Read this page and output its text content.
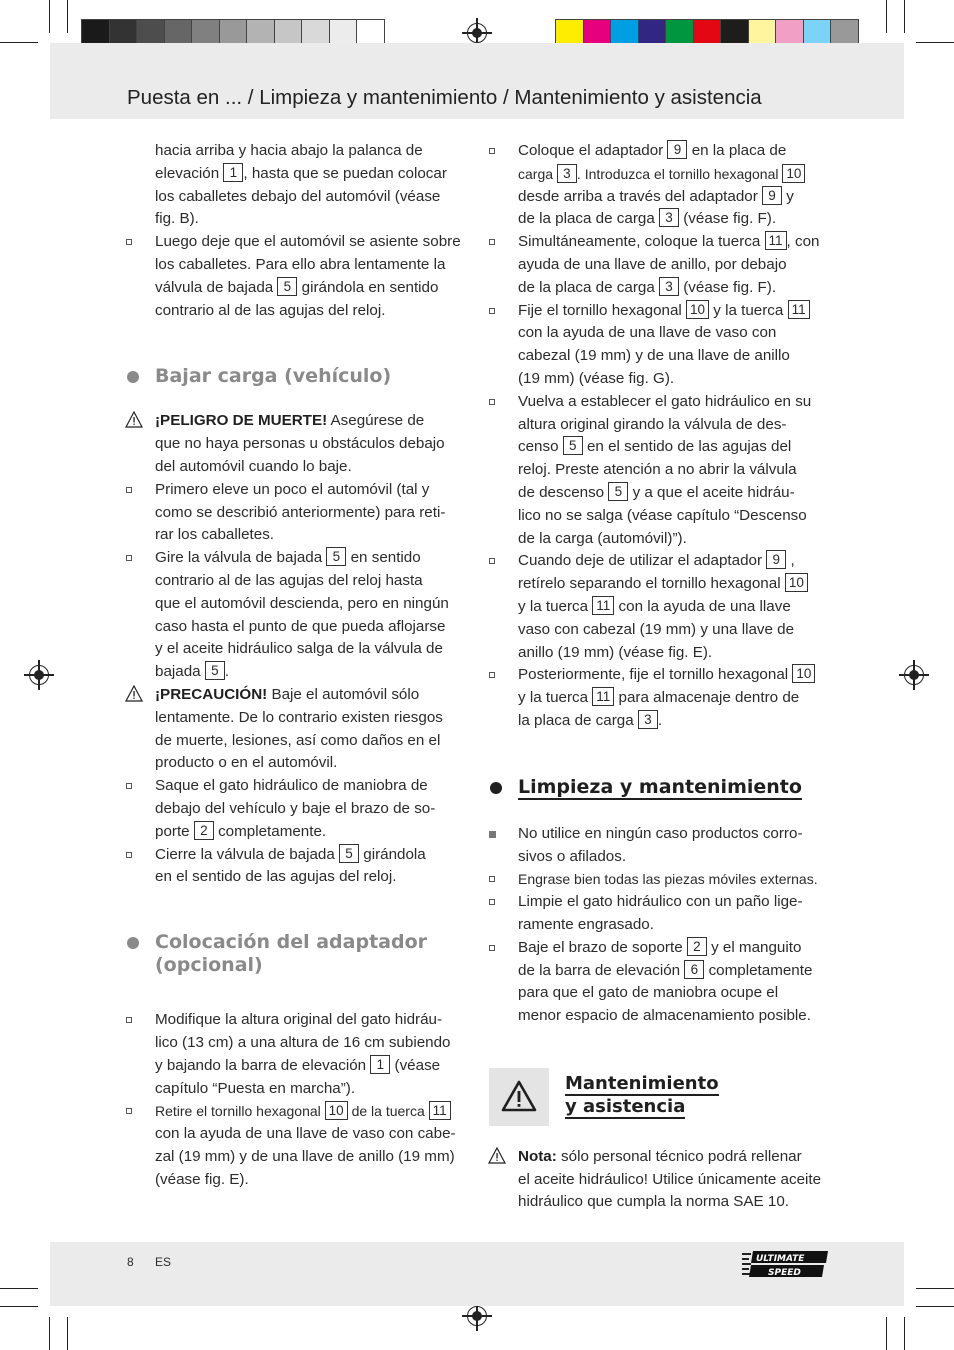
Puesta en ... / Limpieza y mantenimiento / Mantenimiento y asistencia
hacia arriba y hacia abajo la palanca de
elevación 1 , hasta que se puedan colocar
los caballetes debajo del automóvil (véase
fig. B).
Luego deje que el automóvil se asiente sobre
los caballetes. Para ello abra lentamente la
válvula de bajada 5 girándola en sentido
contrario al de las agujas del reloj.
Bajar carga (vehículo)
¡PELIGRO DE MUERTE! Asegúrese de
que no haya personas u obstáculos debajo
del automóvil cuando lo baje.
Primero eleve un poco el automóvil (tal y
como se describió anteriormente) para reti-
rar los caballetes.
Gire la válvula de bajada 5 en sentido
contrario al de las agujas del reloj hasta
que el automóvil descienda, pero en ningún
caso hasta el punto de que pueda aflojarse
y el aceite hidráulico salga de la válvula de
bajada 5 .
¡PRECAUCIÓN! Baje el automóvil sólo
lentamente. De lo contrario existen riesgos
de muerte, lesiones, así como daños en el
producto o en el automóvil.
Saque el gato hidráulico de maniobra de
debajo del vehículo y baje el brazo de so-
porte 2 completamente.
Cierre la válvula de bajada 5 girándola
en el sentido de las agujas del reloj.
Colocación del adaptador
(opcional)
Modifique la altura original del gato hidráu-
lico (13 cm) a una altura de 16 cm subiendo
y bajando la barra de elevación 1 (véase
capítulo “Puesta en marcha”).
Retire el tornillo hexagonal 10 de la tuerca 11
con la ayuda de una llave de vaso con cabe-
zal (19 mm) y de una llave de anillo (19 mm)
(véase fig. E).
Coloque el adaptador 9 en la placa de
carga 3 . Introduzca el tornillo hexagonal 10
desde arriba a través del adaptador 9 y
de la placa de carga 3 (véase fig. F).
Simultáneamente, coloque la tuerca 11 , con
ayuda de una llave de anillo, por debajo
de la placa de carga 3 (véase fig. F).
Fije el tornillo hexagonal 10 y la tuerca 11
con la ayuda de una llave de vaso con
cabezal (19 mm) y de una llave de anillo
(19 mm) (véase fig. G).
Vuelva a establecer el gato hidráulico en su
altura original girando la válvula de des-
censo 5 en el sentido de las agujas del
reloj. Preste atención a no abrir la válvula
de descenso 5 y a que el aceite hidráu-
lico no se salga (véase capítulo “Descenso
de la carga (automóvil)”).
Cuando deje de utilizar el adaptador 9 ,
retírelo separando el tornillo hexagonal 10
y la tuerca 11 con la ayuda de una llave
vaso con cabezal (19 mm) y una llave de
anillo (19 mm) (véase fig. E).
Posteriormente, fije el tornillo hexagonal 10
y la tuerca 11 para almacenaje dentro de
la placa de carga 3 .
Limpieza y mantenimiento
No utilice en ningún caso productos corro-
sivos o afilados.
Engrase bien todas las piezas móviles externas.
Limpie el gato hidráulico con un paño lige-
ramente engrasado.
Baje el brazo de soporte 2 y el manguito
de la barra de elevación 6 completamente
para que el gato de maniobra ocupe el
menor espacio de almacenamiento posible.
Mantenimiento
y asistencia
Nota: sólo personal técnico podrá rellenar
el aceite hidráulico! Utilice únicamente aceite
hidráulico que cumpla la norma SAE 10.
8 ES	ULTIMATE
SPEED
